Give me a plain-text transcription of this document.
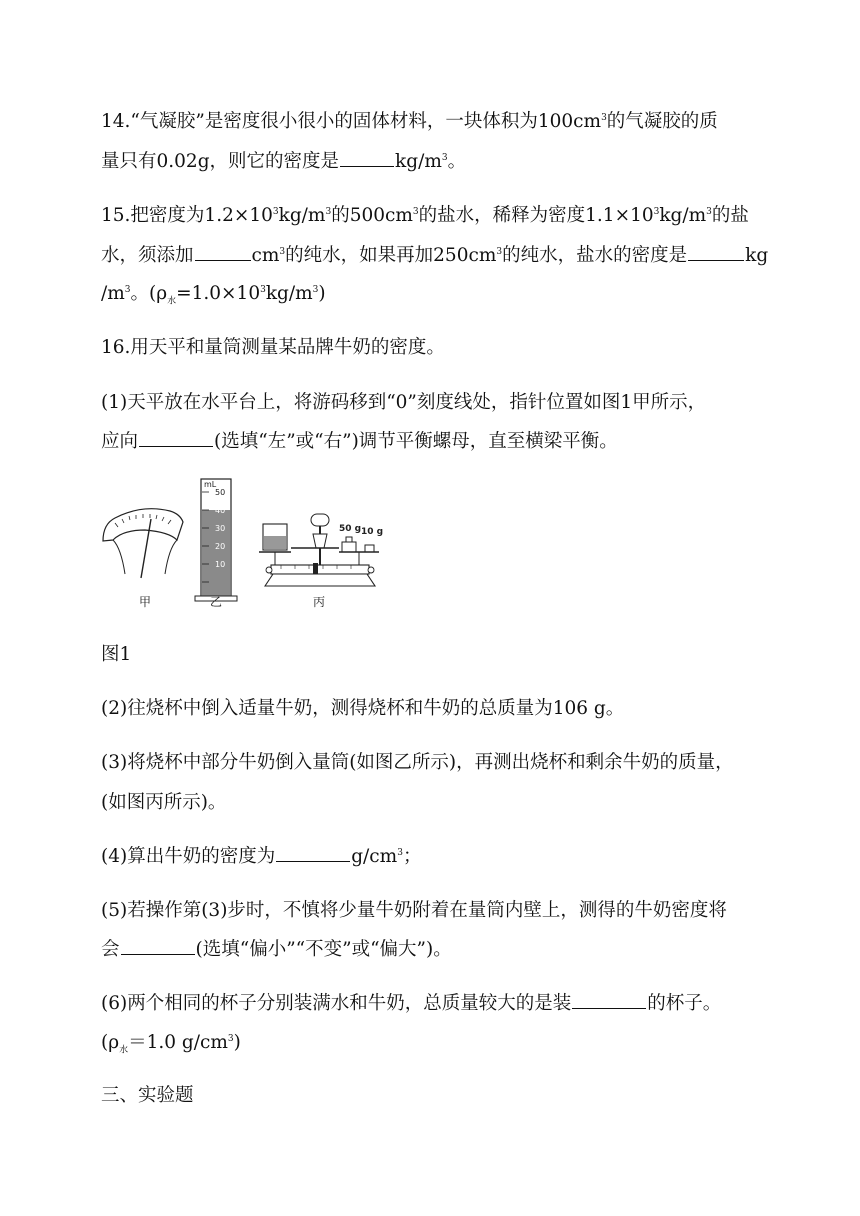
14.“气凝胶”是密度很小很小的固体材料，一块体积为$100cm^3$的气凝胶的质
量只有0.02g，则它的密度是	$kg/m^3$。
15.把密度为$1.2\times 10^3kg/m^3$的$500cm^3$的盐水，稀释为密度$1.1\times 10^3kg/m^3$的盐
水，须添加	$cm^3$的纯水，如果再加$250cm^3$的纯水，盐水的密度是	kg
$/m^3$。$(\rho_水=1.0\times 10^3kg/m^3)$
16.用天平和量筒测量某品牌牛奶的密度。
(1)天平放在水平台上，将游码移到“0”刻度线处，指针位置如图1甲所示，
应向	(选填“左”或“右”)调节平衡螺母，直至横梁平衡。
甲
mL
50
40
30
20
10
乙
50 g 10 g
丙
图1
(2)往烧杯中倒入适量牛奶，测得烧杯和牛奶的总质量为106 g。
(3)将烧杯中部分牛奶倒入量筒(如图乙所示)，再测出烧杯和剩余牛奶的质量，
(如图丙所示)。
(4)算出牛奶的密度为	$g/cm^3$；
(5)若操作第(3)步时，不慎将少量牛奶附着在量筒内壁上，测得的牛奶密度将
会	(选填“偏小”“不变”或“偏大”)。
(6)两个相同的杯子分别装满水和牛奶，总质量较大的是装	的杯子。
($\rho_水=1.0$ $g/cm^3$)
三、实验题
